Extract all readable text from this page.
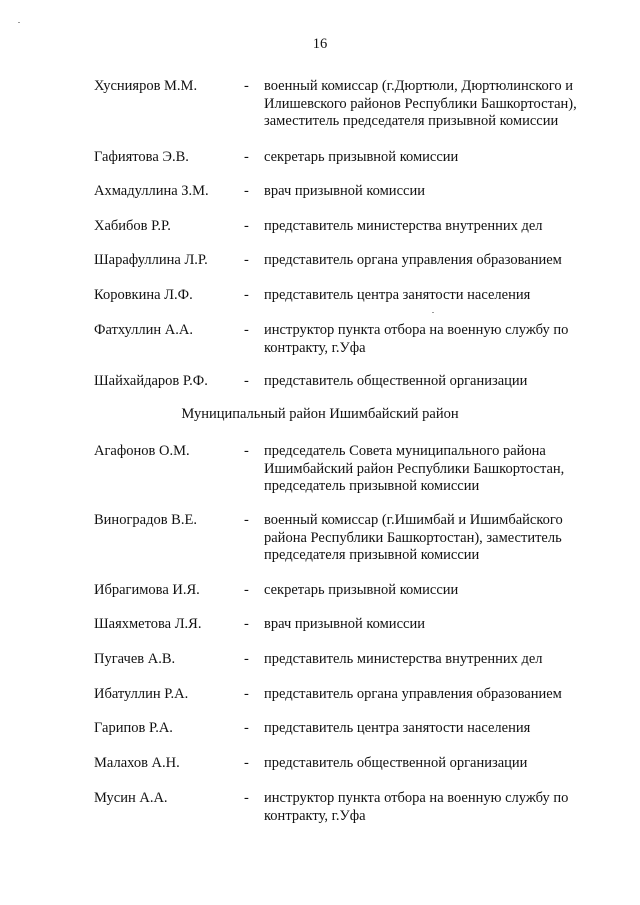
16
Хуснияров М.М.	-	военный комиссар (г.Дюртюли, Дюртюлинского и Илишевского районов Республики Башкортостан), заместитель председателя призывной комиссии
Гафиятова Э.В.	-	секретарь призывной комиссии
Ахмадуллина З.М.	-	врач призывной комиссии
Хабибов Р.Р.	-	представитель министерства внутренних дел
Шарафуллина Л.Р.	-	представитель органа управления образованием
Коровкина Л.Ф.	-	представитель центра занятости населения
Фатхуллин А.А.	-	инструктор пункта отбора на военную службу по контракту, г.Уфа
Шайхайдаров Р.Ф.	-	представитель общественной организации
Муниципальный район Ишимбайский район
Агафонов О.М.	-	председатель Совета муниципального района Ишимбайский район Республики Башкортостан, председатель призывной комиссии
Виноградов В.Е.	-	военный комиссар (г.Ишимбай и Ишимбайского района Республики Башкортостан), заместитель председателя призывной комиссии
Ибрагимова И.Я.	-	секретарь призывной комиссии
Шаяхметова Л.Я.	-	врач призывной комиссии
Пугачев А.В.	-	представитель министерства внутренних дел
Ибатуллин Р.А.	-	представитель органа управления образованием
Гарипов Р.А.	-	представитель центра занятости населения
Малахов А.Н.	-	представитель общественной организации
Мусин А.А.	-	инструктор пункта отбора на военную службу по контракту, г.Уфа
